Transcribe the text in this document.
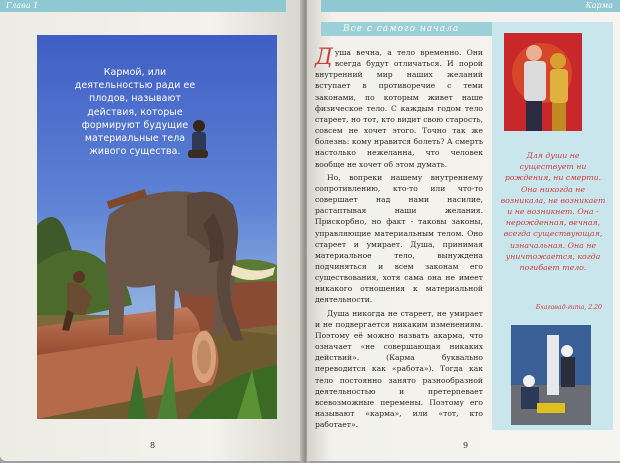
Глава 1
Кармой, или деятельностью ради ее плодов, называют действия, которые формируют будущие материальные тела живого существа.
8
Карма
Все с самого начала

Душа вечна, а тело временно. Они всегда будут отличаться. И порой внутренний мир наших желаний вступает в противоречие с теми законами, по которым живет наше физическое тело. С каждым годом тело стареет, но тот, кто видит свою старость, совсем не хочет этого. Точно так же болезнь: кому нравится болеть? А смерть настолько нежеланна, что человек вообще не хочет об этом думать.

Но, вопреки нашему внутреннему сопротивлению, кто-то или что-то совершает над нами насилие, растаптывая наши желания. Прискорбно, но факт - таковы законы, управляющие материальным телом. Оно стареет и умирает. Душа, принимая материальное тело, вынуждена подчиняться и всем законам его существования, хотя сама она не имеет никакого отношения к материальной деятельности.

Душа никогда не стареет, не умирает и не подвергается никаким изменениям. Поэтому её можно назвать акарма, что означает «не совершающая никаких действий». (Карма буквально переводится как «работа»). Тогда как тело постоянно занято разнообразной деятельностью и претерпевает всевозможные перемены. Поэтому его называют «карма», или «тот, кто работает».

Для души не существует ни рождения, ни смерти. Она никогда не возникала, не возникает и не возникнет. Она - нерожденная, вечная, всегда существующая, изначальная. Она не уничтожается, когда погибает тело.
Бхагавад-гита, 2.20
9
